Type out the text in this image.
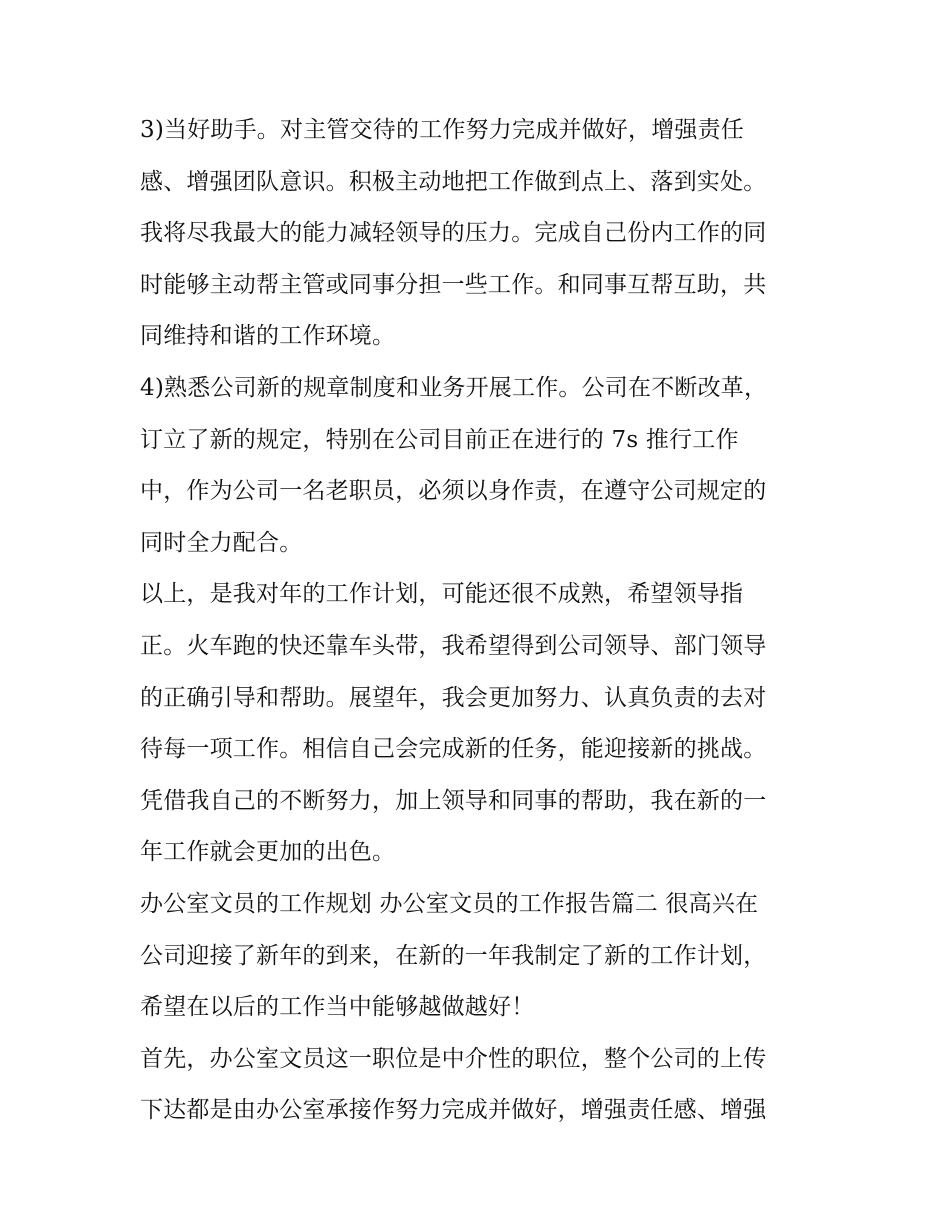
3)当好助手。对主管交待的工作努力完成并做好，增强责任
感、增强团队意识。积极主动地把工作做到点上、落到实处。
我将尽我最大的能力减轻领导的压力。完成自己份内工作的同
时能够主动帮主管或同事分担一些工作。和同事互帮互助，共
同维持和谐的工作环境。
4)熟悉公司新的规章制度和业务开展工作。公司在不断改革，
订立了新的规定，特别在公司目前正在进行的 7s 推行工作
中，作为公司一名老职员，必须以身作责，在遵守公司规定的
同时全力配合。
以上，是我对年的工作计划，可能还很不成熟，希望领导指
正。火车跑的快还靠车头带，我希望得到公司领导、部门领导
的正确引导和帮助。展望年，我会更加努力、认真负责的去对
待每一项工作。相信自己会完成新的任务，能迎接新的挑战。
凭借我自己的不断努力，加上领导和同事的帮助，我在新的一
年工作就会更加的出色。
办公室文员的工作规划 办公室文员的工作报告篇二 很高兴在
公司迎接了新年的到来，在新的一年我制定了新的工作计划，
希望在以后的工作当中能够越做越好！
首先，办公室文员这一职位是中介性的职位，整个公司的上传
下达都是由办公室承接作努力完成并做好，增强责任感、增强
